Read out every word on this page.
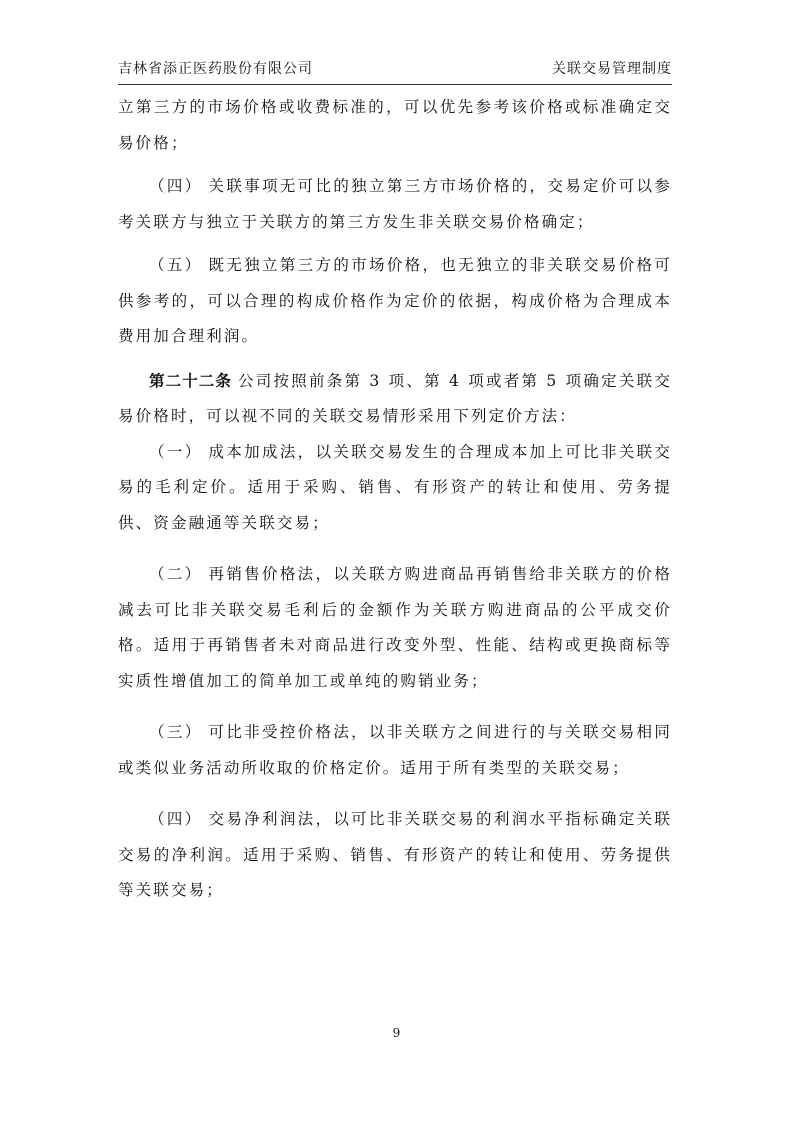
吉林省添正医药股份有限公司	关联交易管理制度

立第三方的市场价格或收费标准的，可以优先参考该价格或标准确定交易价格；

（四） 关联事项无可比的独立第三方市场价格的，交易定价可以参考关联方与独立于关联方的第三方发生非关联交易价格确定；

（五） 既无独立第三方的市场价格，也无独立的非关联交易价格可供参考的，可以合理的构成价格作为定价的依据，构成价格为合理成本费用加合理利润。

第二十二条 公司按照前条第 3 项、第 4 项或者第 5 项确定关联交易价格时，可以视不同的关联交易情形采用下列定价方法：

（一） 成本加成法，以关联交易发生的合理成本加上可比非关联交易的毛利定价。适用于采购、销售、有形资产的转让和使用、劳务提供、资金融通等关联交易；

（二） 再销售价格法，以关联方购进商品再销售给非关联方的价格减去可比非关联交易毛利后的金额作为关联方购进商品的公平成交价格。适用于再销售者未对商品进行改变外型、性能、结构或更换商标等实质性增值加工的简单加工或单纯的购销业务；

（三） 可比非受控价格法，以非关联方之间进行的与关联交易相同或类似业务活动所收取的价格定价。适用于所有类型的关联交易；

（四） 交易净利润法，以可比非关联交易的利润水平指标确定关联交易的净利润。适用于采购、销售、有形资产的转让和使用、劳务提供等关联交易；

9
